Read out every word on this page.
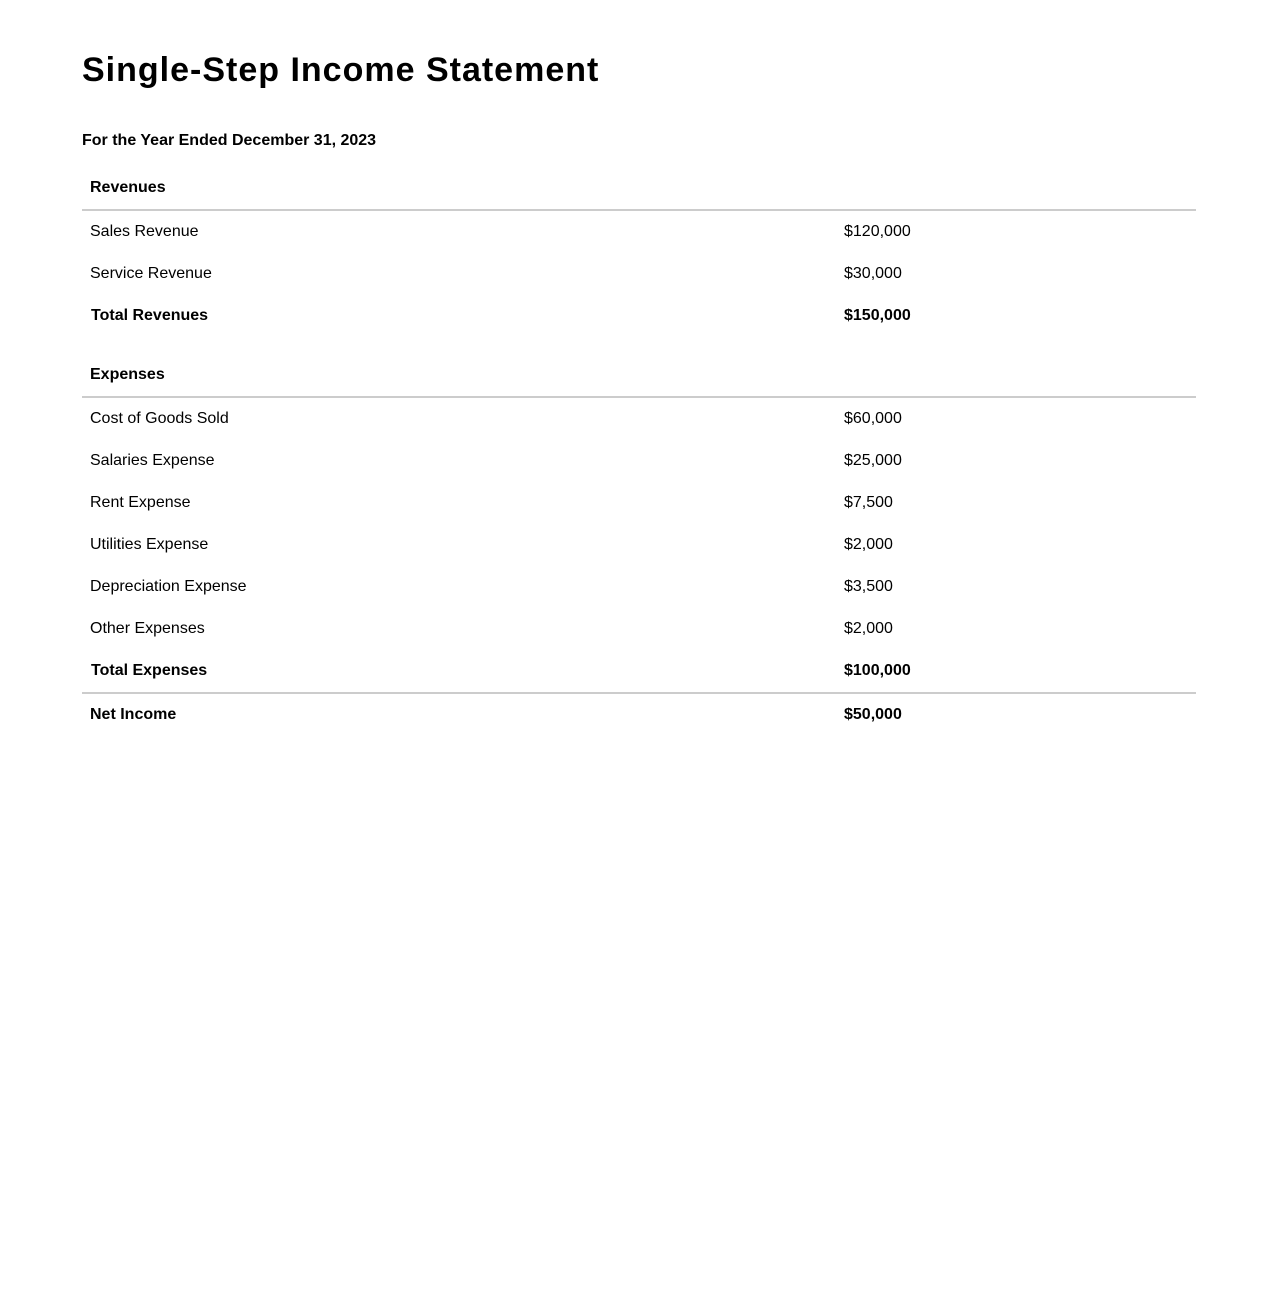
Single-Step Income Statement
For the Year Ended December 31, 2023
Revenues	
Sales Revenue	$120,000
Service Revenue	$30,000
Total Revenues	$150,000

Expenses	
Cost of Goods Sold	$60,000
Salaries Expense	$25,000
Rent Expense	$7,500
Utilities Expense	$2,000
Depreciation Expense	$3,500
Other Expenses	$2,000
Total Expenses	$100,000
Net Income	$50,000
